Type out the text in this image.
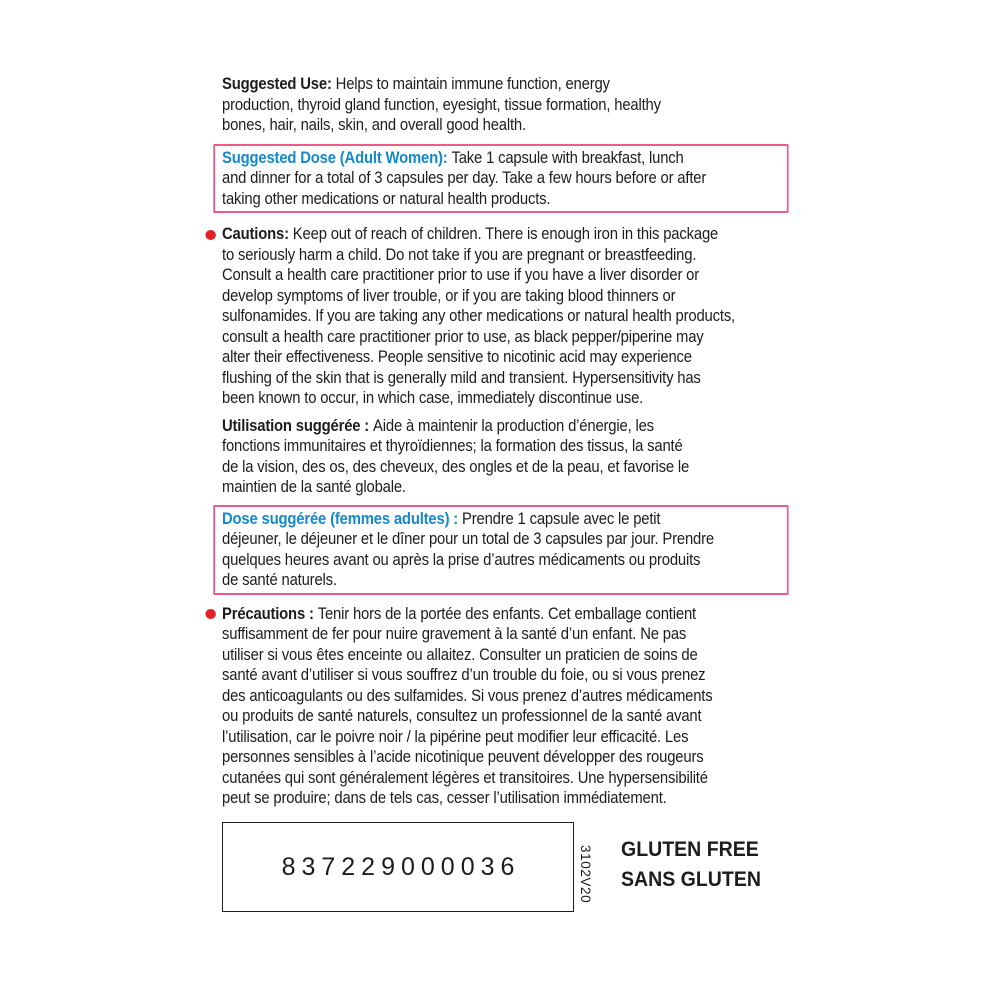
Suggested Use: Helps to maintain immune function, energy
production, thyroid gland function, eyesight, tissue formation, healthy
bones, hair, nails, skin, and overall good health.

Suggested Dose (Adult Women): Take 1 capsule with breakfast, lunch
and dinner for a total of 3 capsules per day. Take a few hours before or after
taking other medications or natural health products.

Cautions: Keep out of reach of children. There is enough iron in this package
to seriously harm a child. Do not take if you are pregnant or breastfeeding.
Consult a health care practitioner prior to use if you have a liver disorder or
develop symptoms of liver trouble, or if you are taking blood thinners or
sulfonamides. If you are taking any other medications or natural health products,
consult a health care practitioner prior to use, as black pepper/piperine may
alter their effectiveness. People sensitive to nicotinic acid may experience
flushing of the skin that is generally mild and transient. Hypersensitivity has
been known to occur, in which case, immediately discontinue use.

Utilisation suggérée : Aide à maintenir la production d’énergie, les
fonctions immunitaires et thyroïdiennes; la formation des tissus, la santé
de la vision, des os, des cheveux, des ongles et de la peau, et favorise le
maintien de la santé globale.

Dose suggérée (femmes adultes) : Prendre 1 capsule avec le petit
déjeuner, le déjeuner et le dîner pour un total de 3 capsules par jour. Prendre
quelques heures avant ou après la prise d’autres médicaments ou produits
de santé naturels.

Précautions : Tenir hors de la portée des enfants. Cet emballage contient
suffisamment de fer pour nuire gravement à la santé d’un enfant. Ne pas
utiliser si vous êtes enceinte ou allaitez. Consulter un praticien de soins de
santé avant d’utiliser si vous souffrez d’un trouble du foie, ou si vous prenez
des anticoagulants ou des sulfamides. Si vous prenez d’autres médicaments
ou produits de santé naturels, consultez un professionnel de la santé avant
l’utilisation, car le poivre noir / la pipérine peut modifier leur efficacité. Les
personnes sensibles à l’acide nicotinique peuvent développer des rougeurs
cutanées qui sont généralement légères et transitoires. Une hypersensibilité
peut se produire; dans de tels cas, cesser l’utilisation immédiatement.

837229000036	3102V20 GLUTEN FREE
SANS GLUTEN
